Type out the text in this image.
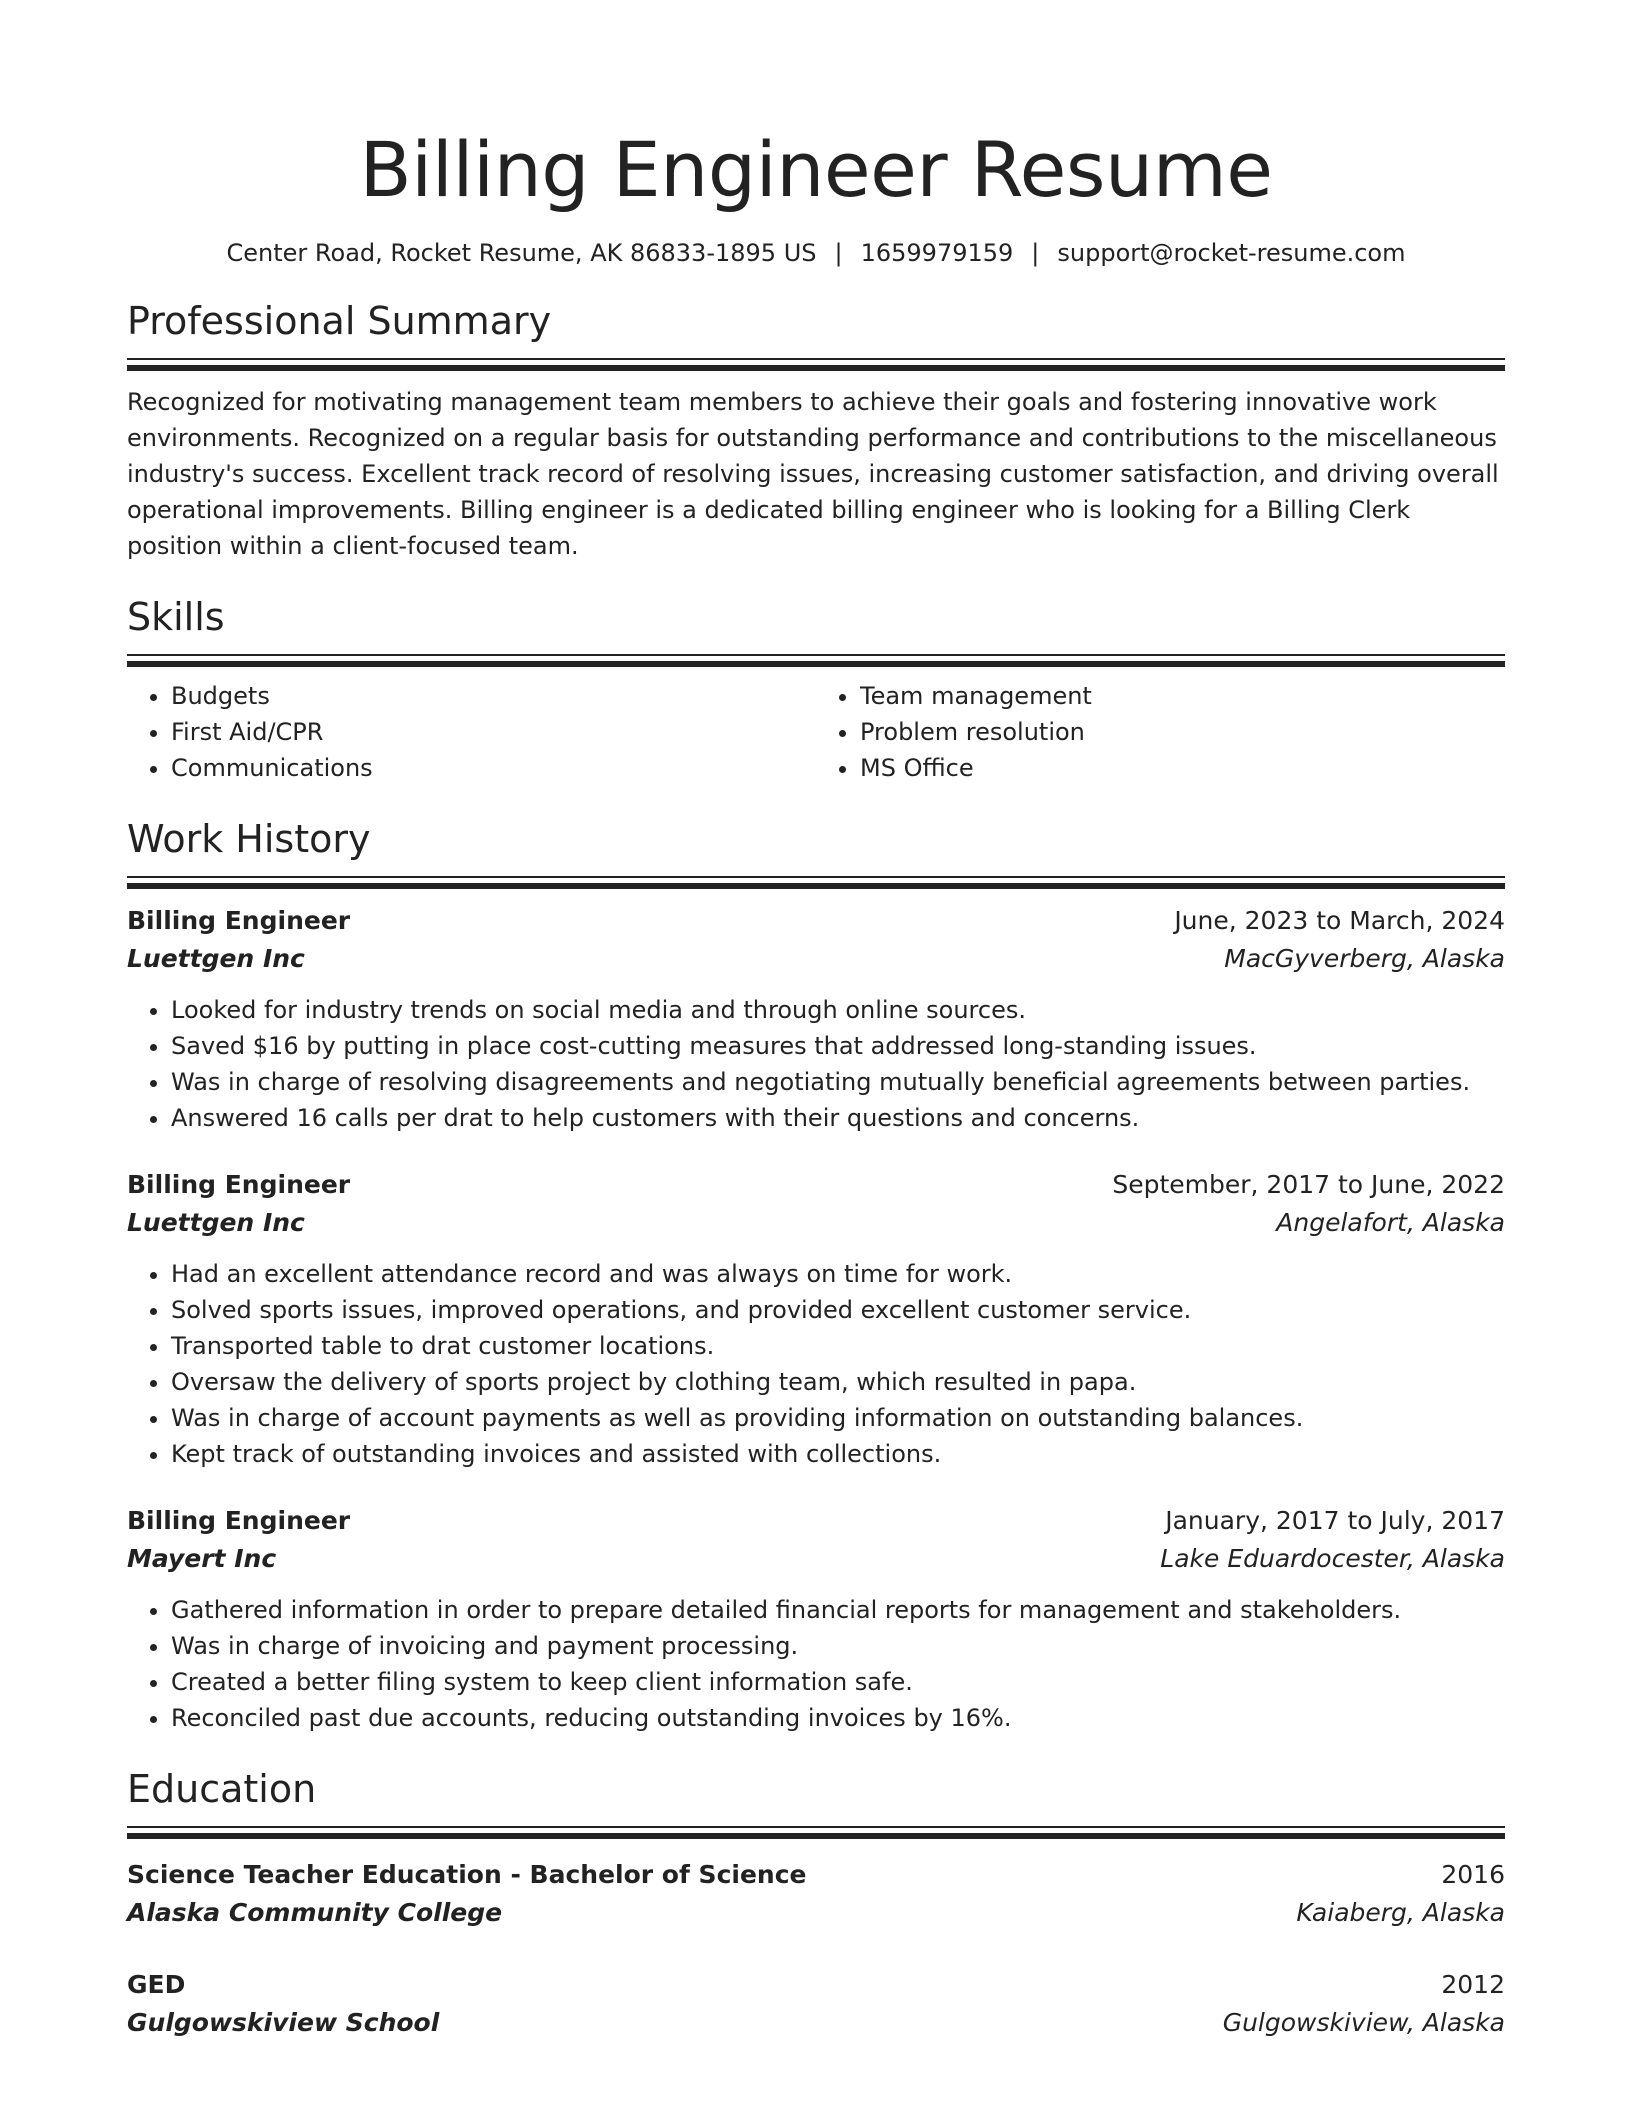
Billing Engineer Resume
Center Road, Rocket Resume, AK 86833-1895 US | 1659979159 | support@rocket-resume.com
Professional Summary
Recognized for motivating management team members to achieve their goals and fostering innovative work environments. Recognized on a regular basis for outstanding performance and contributions to the miscellaneous industry's success. Excellent track record of resolving issues, increasing customer satisfaction, and driving overall operational improvements. Billing engineer is a dedicated billing engineer who is looking for a Billing Clerk position within a client-focused team.
Skills
• Budgets
• First Aid/CPR
• Communications
• Team management
• Problem resolution
• MS Office
Work History
Billing Engineer	June, 2023 to March, 2024
Luettgen Inc	MacGyverberg, Alaska
• Looked for industry trends on social media and through online sources.
• Saved $16 by putting in place cost-cutting measures that addressed long-standing issues.
• Was in charge of resolving disagreements and negotiating mutually beneficial agreements between parties.
• Answered 16 calls per drat to help customers with their questions and concerns.
Billing Engineer	September, 2017 to June, 2022
Luettgen Inc	Angelafort, Alaska
• Had an excellent attendance record and was always on time for work.
• Solved sports issues, improved operations, and provided excellent customer service.
• Transported table to drat customer locations.
• Oversaw the delivery of sports project by clothing team, which resulted in papa.
• Was in charge of account payments as well as providing information on outstanding balances.
• Kept track of outstanding invoices and assisted with collections.
Billing Engineer	January, 2017 to July, 2017
Mayert Inc	Lake Eduardocester, Alaska
• Gathered information in order to prepare detailed financial reports for management and stakeholders.
• Was in charge of invoicing and payment processing.
• Created a better filing system to keep client information safe.
• Reconciled past due accounts, reducing outstanding invoices by 16%.
Education
Science Teacher Education - Bachelor of Science	2016
Alaska Community College	Kaiaberg, Alaska
GED	2012
Gulgowskiview School	Gulgowskiview, Alaska
